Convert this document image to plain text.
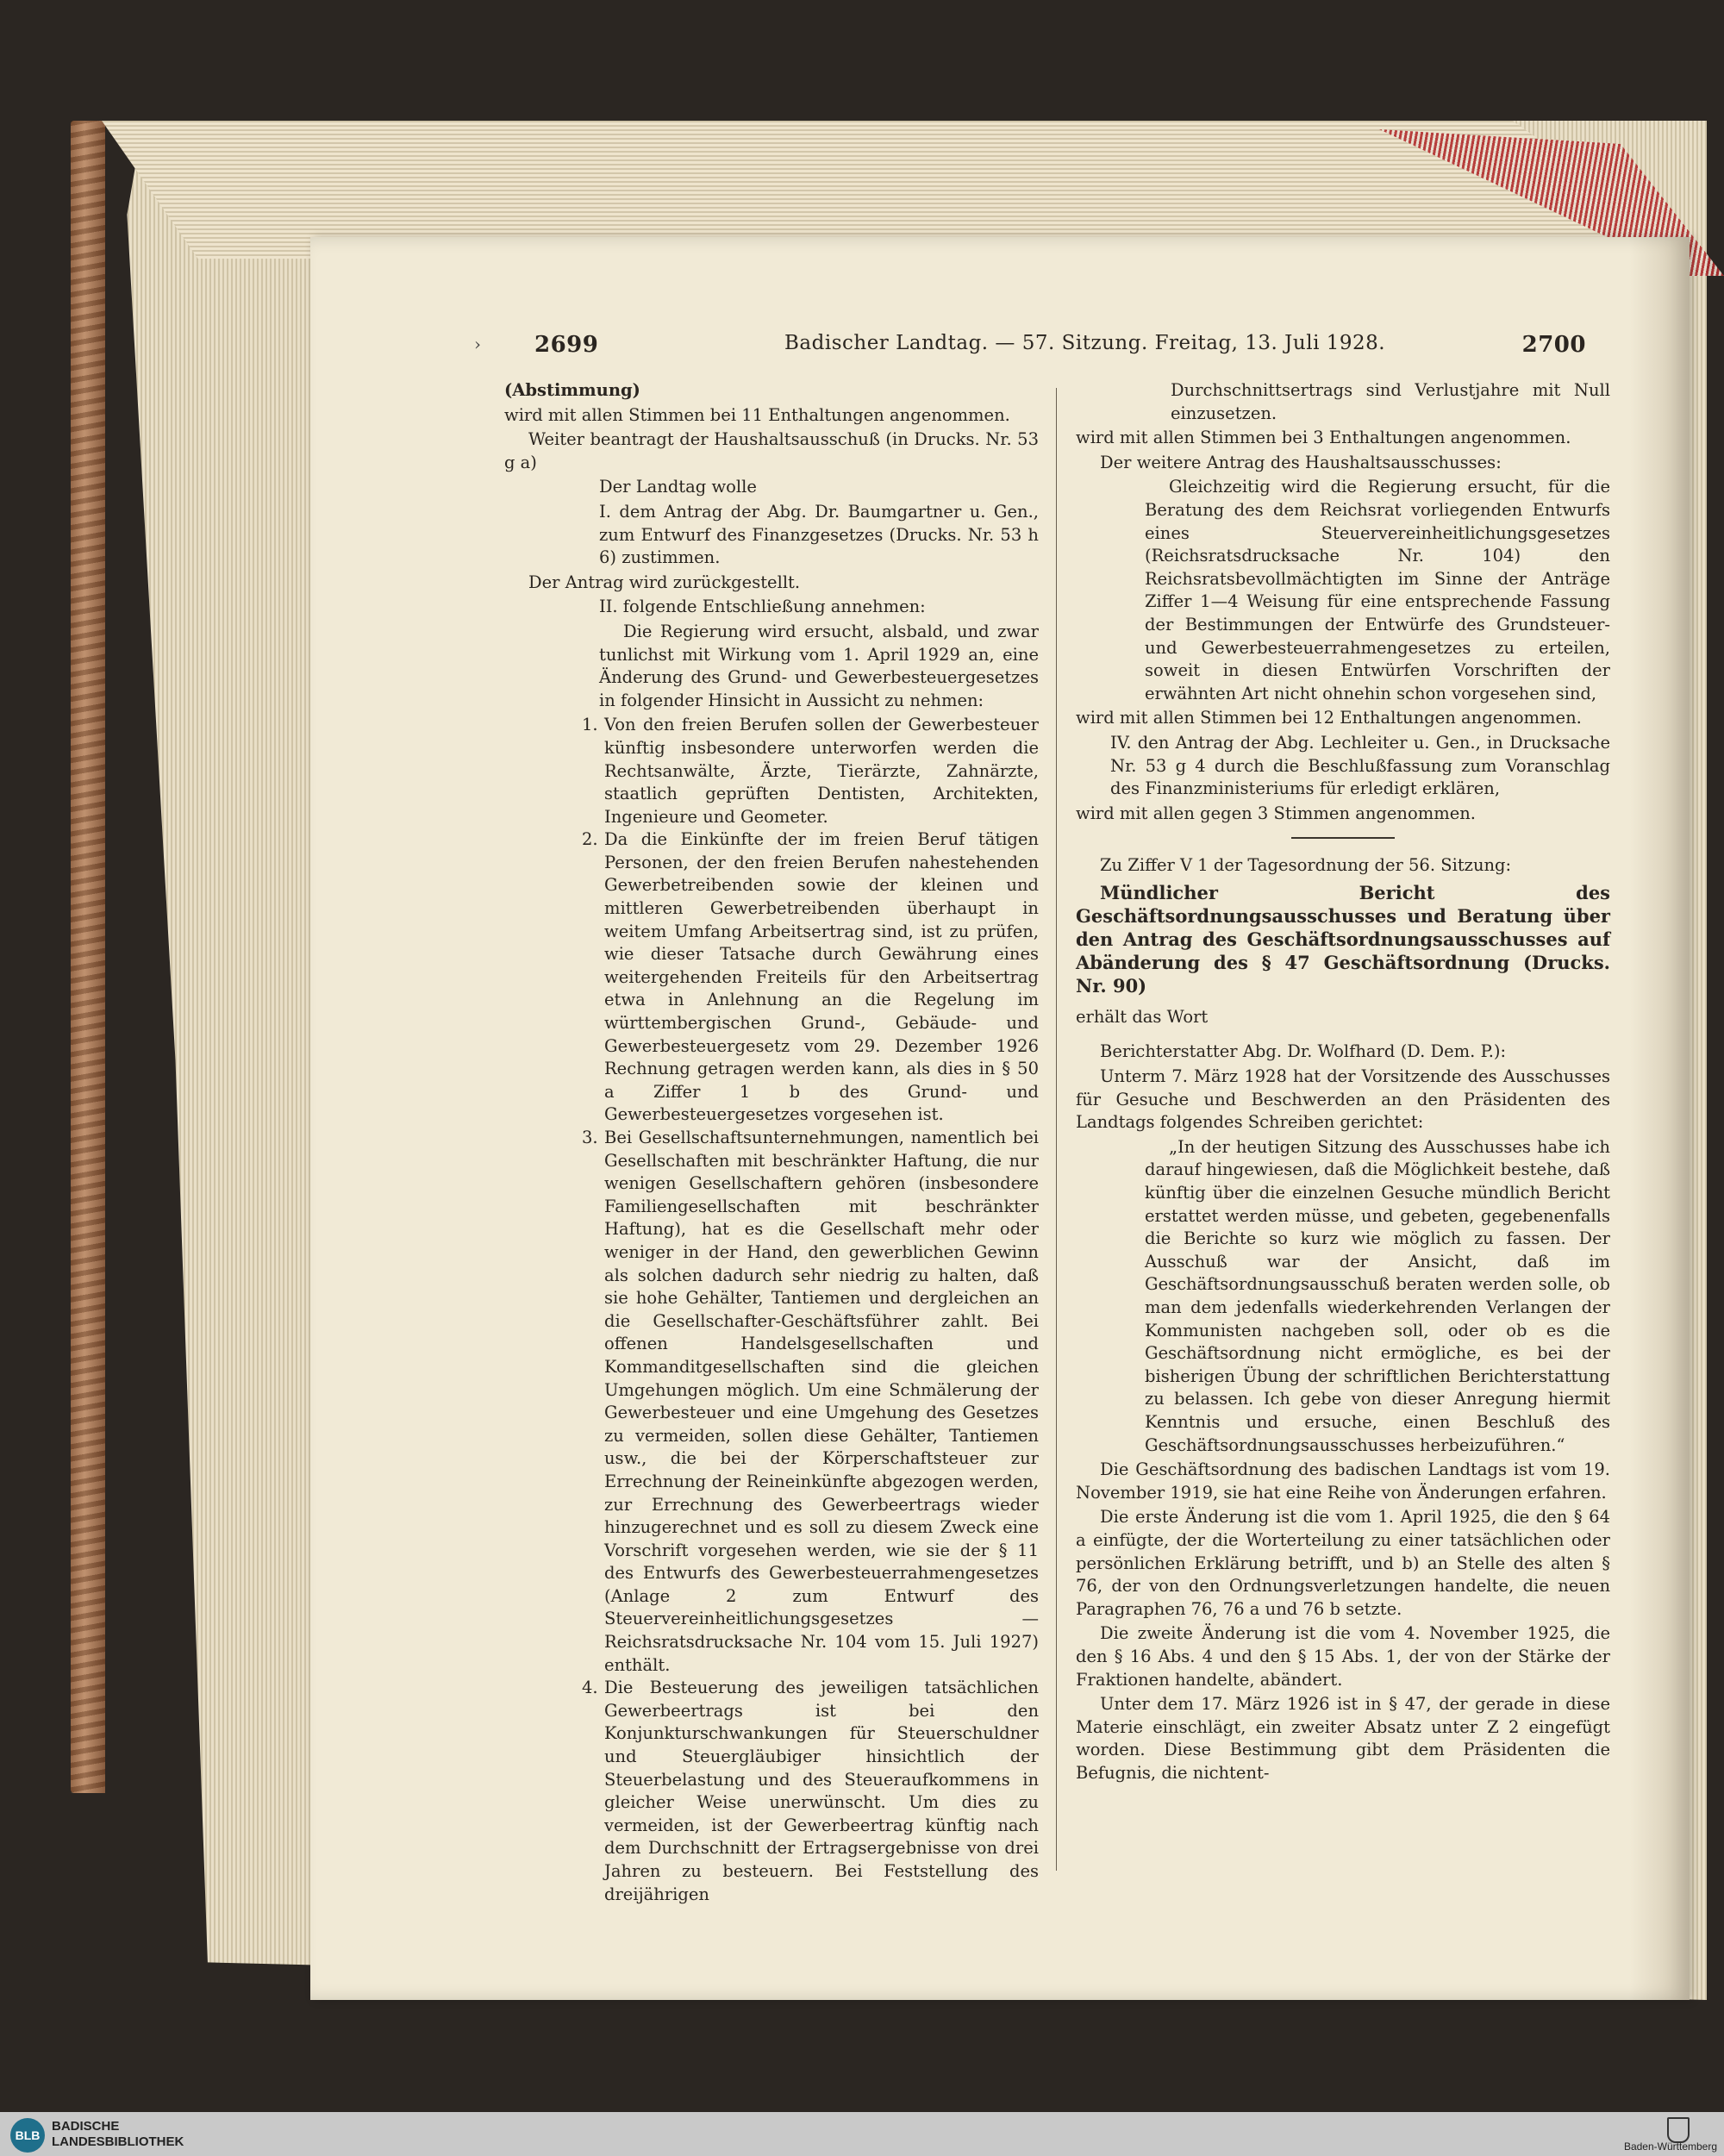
› 2699	Badischer Landtag. — 57. Sitzung. Freitag, 13. Juli 1928.	2700

(Abstimmung)

wird mit allen Stimmen bei 11 Enthaltungen angenommen.

Weiter beantragt der Haushaltsausschuß (in Drucks. Nr. 53 g a)

Der Landtag wolle

I. dem Antrag der Abg. Dr. Baumgartner u. Gen., zum Entwurf des Finanzgesetzes (Drucks. Nr. 53 h 6) zustimmen.

Der Antrag wird zurückgestellt.

II. folgende Entschließung annehmen:

Die Regierung wird ersucht, alsbald, und zwar tunlichst mit Wirkung vom 1. April 1929 an, eine Änderung des Grund- und Gewerbesteuergesetzes in folgender Hinsicht in Aussicht zu nehmen:

1. Von den freien Berufen sollen der Gewerbesteuer künftig insbesondere unterworfen werden die Rechtsanwälte, Ärzte, Tierärzte, Zahnärzte, staatlich geprüften Dentisten, Architekten, Ingenieure und Geometer.
2. Da die Einkünfte der im freien Beruf tätigen Personen, der den freien Berufen nahestehenden Gewerbetreibenden sowie der kleinen und mittleren Gewerbetreibenden überhaupt in weitem Umfang Arbeitsertrag sind, ist zu prüfen, wie dieser Tatsache durch Gewährung eines weitergehenden Freiteils für den Arbeitsertrag etwa in Anlehnung an die Regelung im württembergischen Grund-, Gebäude- und Gewerbesteuergesetz vom 29. Dezember 1926 Rechnung getragen werden kann, als dies in § 50 a Ziffer 1 b des Grund- und Gewerbesteuergesetzes vorgesehen ist.
3. Bei Gesellschaftsunternehmungen, namentlich bei Gesellschaften mit beschränkter Haftung, die nur wenigen Gesellschaftern gehören (insbesondere Familiengesellschaften mit beschränkter Haftung), hat es die Gesellschaft mehr oder weniger in der Hand, den gewerblichen Gewinn als solchen dadurch sehr niedrig zu halten, daß sie hohe Gehälter, Tantiemen und dergleichen an die Gesellschafter-Geschäftsführer zahlt. Bei offenen Handelsgesellschaften und Kommanditgesellschaften sind die gleichen Umgehungen möglich. Um eine Schmälerung der Gewerbesteuer und eine Umgehung des Gesetzes zu vermeiden, sollen diese Gehälter, Tantiemen usw., die bei der Körperschaftsteuer zur Errechnung der Reineinkünfte abgezogen werden, zur Errechnung des Gewerbeertrags wieder hinzugerechnet und es soll zu diesem Zweck eine Vorschrift vorgesehen werden, wie sie der § 11 des Entwurfs des Gewerbesteuerrahmengesetzes (Anlage 2 zum Entwurf des Steuervereinheitlichungsgesetzes — Reichsratsdrucksache Nr. 104 vom 15. Juli 1927) enthält.
4. Die Besteuerung des jeweiligen tatsächlichen Gewerbeertrags ist bei den Konjunkturschwankungen für Steuerschuldner und Steuergläubiger hinsichtlich der Steuerbelastung und des Steueraufkommens in gleicher Weise unerwünscht. Um dies zu vermeiden, ist der Gewerbeertrag künftig nach dem Durchschnitt der Ertragsergebnisse von drei Jahren zu besteuern. Bei Feststellung des dreijährigen

Durchschnittsertrags sind Verlustjahre mit Null einzusetzen.

wird mit allen Stimmen bei 3 Enthaltungen angenommen.

Der weitere Antrag des Haushaltsausschusses:

Gleichzeitig wird die Regierung ersucht, für die Beratung des dem Reichsrat vorliegenden Entwurfs eines Steuervereinheitlichungsgesetzes (Reichsratsdrucksache Nr. 104) den Reichsratsbevollmächtigten im Sinne der Anträge Ziffer 1—4 Weisung für eine entsprechende Fassung der Bestimmungen der Entwürfe des Grundsteuer- und Gewerbesteuerrahmengesetzes zu erteilen, soweit in diesen Entwürfen Vorschriften der erwähnten Art nicht ohnehin schon vorgesehen sind,

wird mit allen Stimmen bei 12 Enthaltungen angenommen.

IV. den Antrag der Abg. Lechleiter u. Gen., in Drucksache Nr. 53 g 4 durch die Beschlußfassung zum Voranschlag des Finanzministeriums für erledigt erklären,

wird mit allen gegen 3 Stimmen angenommen.

Zu Ziffer V 1 der Tagesordnung der 56. Sitzung:

Mündlicher Bericht des Geschäftsordnungsausschusses und Beratung über den Antrag des Geschäftsordnungsausschusses auf Abänderung des § 47 Geschäftsordnung (Drucks. Nr. 90)

erhält das Wort

Berichterstatter Abg. Dr. Wolfhard (D. Dem. P.):

Unterm 7. März 1928 hat der Vorsitzende des Ausschusses für Gesuche und Beschwerden an den Präsidenten des Landtags folgendes Schreiben gerichtet:

„In der heutigen Sitzung des Ausschusses habe ich darauf hingewiesen, daß die Möglichkeit bestehe, daß künftig über die einzelnen Gesuche mündlich Bericht erstattet werden müsse, und gebeten, gegebenenfalls die Berichte so kurz wie möglich zu fassen. Der Ausschuß war der Ansicht, daß im Geschäftsordnungsausschuß beraten werden solle, ob man dem jedenfalls wiederkehrenden Verlangen der Kommunisten nachgeben soll, oder ob es die Geschäftsordnung nicht ermögliche, es bei der bisherigen Übung der schriftlichen Berichterstattung zu belassen. Ich gebe von dieser Anregung hiermit Kenntnis und ersuche, einen Beschluß des Geschäftsordnungsausschusses herbeizuführen.“

Die Geschäftsordnung des badischen Landtags ist vom 19. November 1919, sie hat eine Reihe von Änderungen erfahren.

Die erste Änderung ist die vom 1. April 1925, die den § 64 a einfügte, der die Worterteilung zu einer tatsächlichen oder persönlichen Erklärung betrifft, und b) an Stelle des alten § 76, der von den Ordnungsverletzungen handelte, die neuen Paragraphen 76, 76 a und 76 b setzte.

Die zweite Änderung ist die vom 4. November 1925, die den § 16 Abs. 4 und den § 15 Abs. 1, der von der Stärke der Fraktionen handelte, abändert.

Unter dem 17. März 1926 ist in § 47, der gerade in diese Materie einschlägt, ein zweiter Absatz unter Z 2 eingefügt worden. Diese Bestimmung gibt dem Präsidenten die Befugnis, die nichtent-

BLB
BADISCHE
LANDESBIBLIOTHEK	Baden-Württemberg
